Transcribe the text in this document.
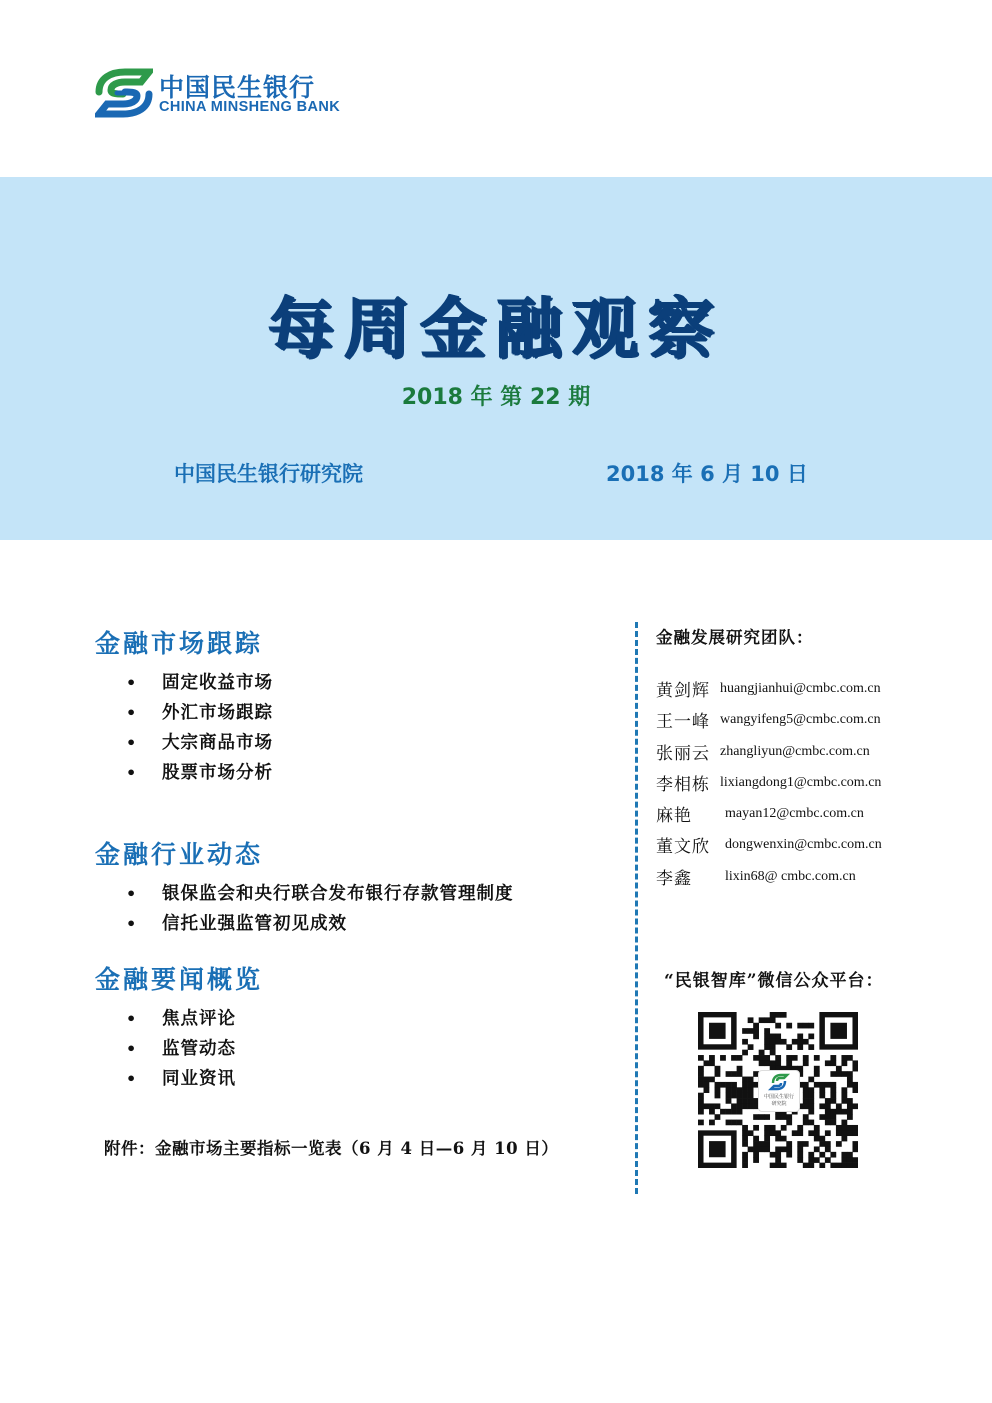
中国民生银行
CHINA MINSHENG BANK
每周金融观察
2018 年 第 22 期
中国民生银行研究院	2018 年 6 月 10 日
金融市场跟踪
• 固定收益市场
• 外汇市场跟踪
• 大宗商品市场
• 股票市场分析
金融行业动态
• 银保监会和央行联合发布银行存款管理制度
• 信托业强监管初见成效
金融要闻概览
• 焦点评论
• 监管动态
• 同业资讯
附件：金融市场主要指标一览表（6 月 4 日—6 月 10 日）
金融发展研究团队：
黄剑辉 huangjianhui@cmbc.com.cn
王一峰 wangyifeng5@cmbc.com.cn
张丽云 zhangliyun@cmbc.com.cn
李相栋 lixiangdong1@cmbc.com.cn
麻艳 mayan12@cmbc.com.cn
董文欣 dongwenxin@cmbc.com.cn
李鑫 lixin68@ cmbc.com.cn
“民银智库”微信公众平台：
中国民生银行
研究院
